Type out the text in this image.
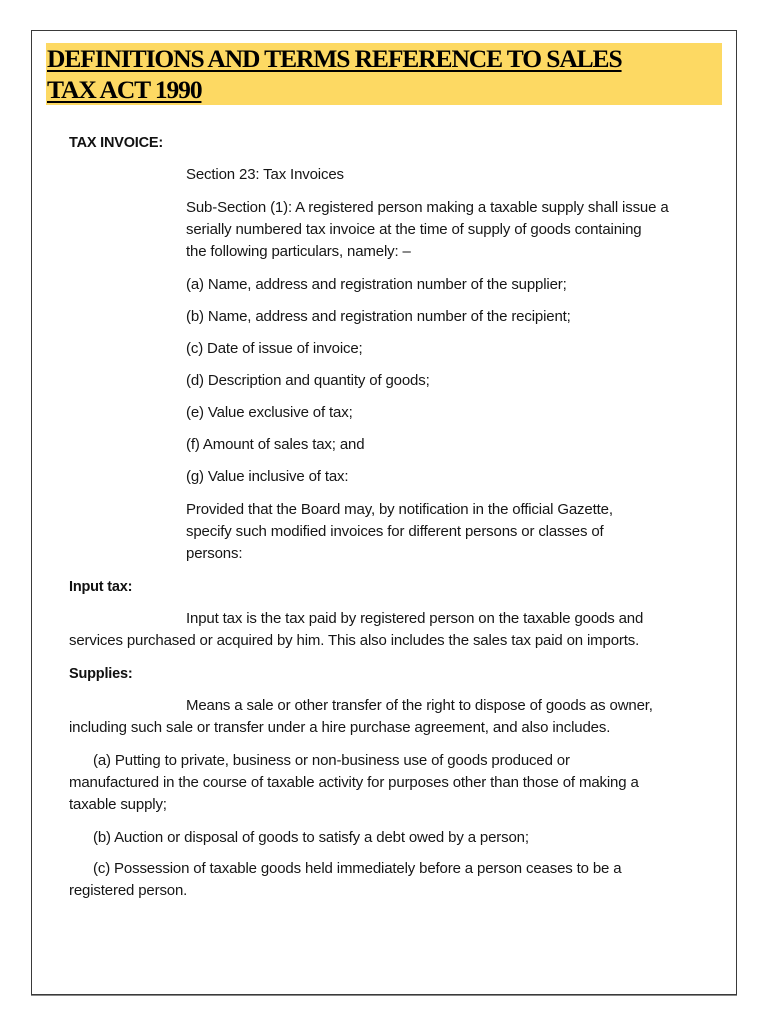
DEFINITIONS AND TERMS REFERENCE TO SALES
TAX ACT 1990
TAX INVOICE:
Section 23: Tax Invoices
Sub-Section (1): A registered person making a taxable supply shall issue a
serially numbered tax invoice at the time of supply of goods containing
the following particulars, namely: –
(a) Name, address and registration number of the supplier;
(b) Name, address and registration number of the recipient;
(c) Date of issue of invoice;
(d) Description and quantity of goods;
(e) Value exclusive of tax;
(f) Amount of sales tax; and
(g) Value inclusive of tax:
Provided that the Board may, by notification in the official Gazette,
specify such modified invoices for different persons or classes of
persons:
Input tax:
Input tax is the tax paid by registered person on the taxable goods and
services purchased or acquired by him. This also includes the sales tax paid on imports.
Supplies:
Means a sale or other transfer of the right to dispose of goods as owner,
including such sale or transfer under a hire purchase agreement, and also includes.
(a) Putting to private, business or non-business use of goods produced or
manufactured in the course of taxable activity for purposes other than those of making a
taxable supply;
(b) Auction or disposal of goods to satisfy a debt owed by a person;
(c) Possession of taxable goods held immediately before a person ceases to be a
registered person.
